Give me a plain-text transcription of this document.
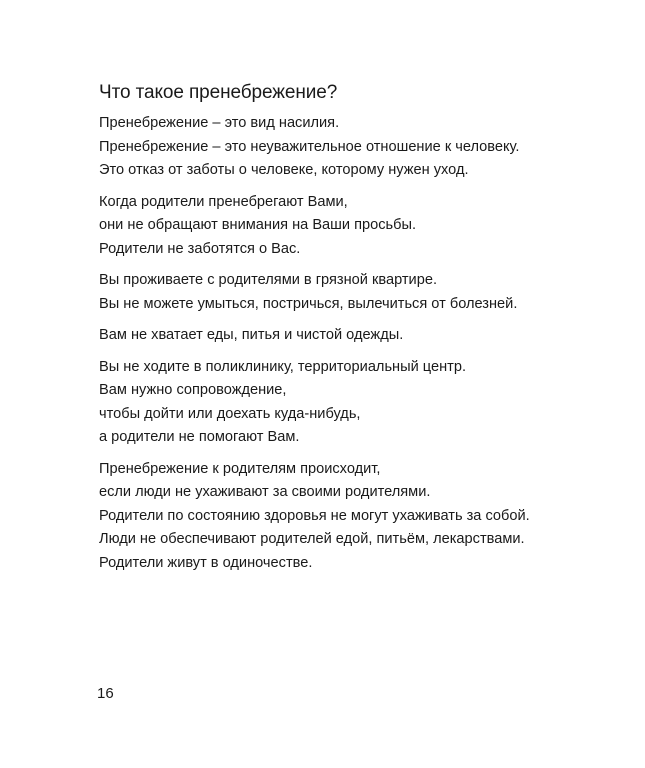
Что такое пренебрежение?

Пренебрежение – это вид насилия.
Пренебрежение – это неуважительное отношение к человеку.
Это отказ от заботы о человеке, которому нужен уход.

Когда родители пренебрегают Вами,
они не обращают внимания на Ваши просьбы.
Родители не заботятся о Вас.

Вы проживаете с родителями в грязной квартире.
Вы не можете умыться, постричься, вылечиться от болезней.

Вам не хватает еды, питья и чистой одежды.

Вы не ходите в поликлинику, территориальный центр.
Вам нужно сопровождение,
чтобы дойти или доехать куда-нибудь,
а родители не помогают Вам.

Пренебрежение к родителям происходит,
если люди не ухаживают за своими родителями.
Родители по состоянию здоровья не могут ухаживать за собой.
Люди не обеспечивают родителей едой, питьём, лекарствами.
Родители живут в одиночестве.

16
